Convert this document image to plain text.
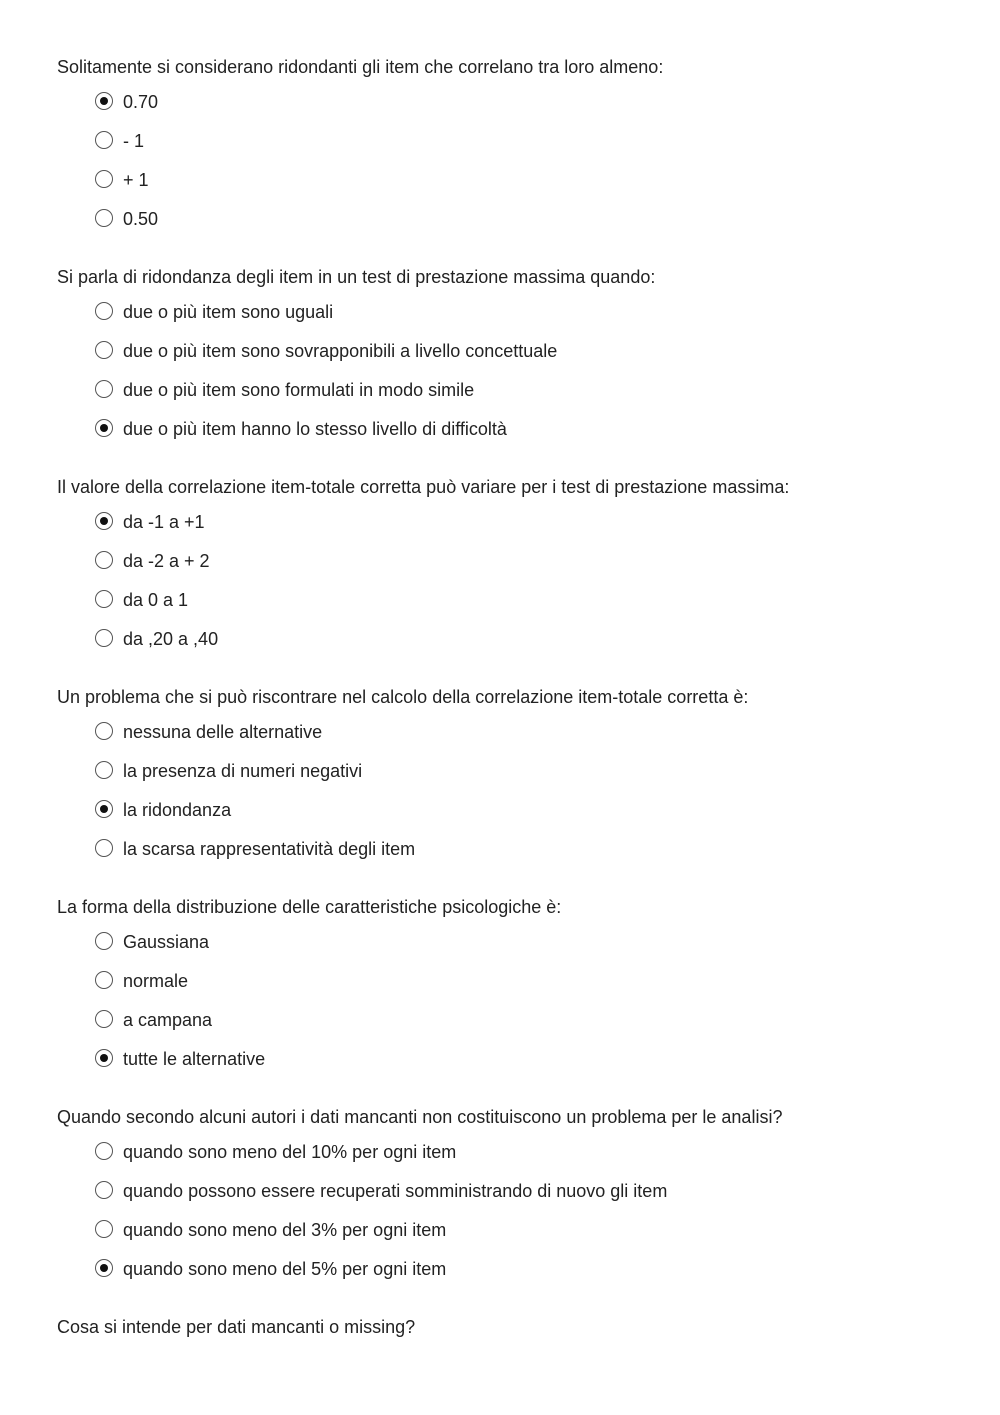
Solitamente si considerano ridondanti gli item che correlano tra loro almeno:

0.70
- 1
+ 1
0.50

Si parla di ridondanza degli item in un test di prestazione massima quando:

due o più item sono uguali
due o più item sono sovrapponibili a livello concettuale
due o più item sono formulati in modo simile
due o più item hanno lo stesso livello di difficoltà

Il valore della correlazione item-totale corretta può variare per i test di prestazione massima:

da -1 a +1
da -2 a + 2
da 0 a 1
da ,20 a ,40

Un problema che si può riscontrare nel calcolo della correlazione item-totale corretta è:

nessuna delle alternative
la presenza di numeri negativi
la ridondanza
la scarsa rappresentatività degli item

La forma della distribuzione delle caratteristiche psicologiche è:

Gaussiana
normale
a campana
tutte le alternative

Quando secondo alcuni autori i dati mancanti non costituiscono un problema per le analisi?

quando sono meno del 10% per ogni item
quando possono essere recuperati somministrando di nuovo gli item
quando sono meno del 3% per ogni item
quando sono meno del 5% per ogni item

Cosa si intende per dati mancanti o missing?
